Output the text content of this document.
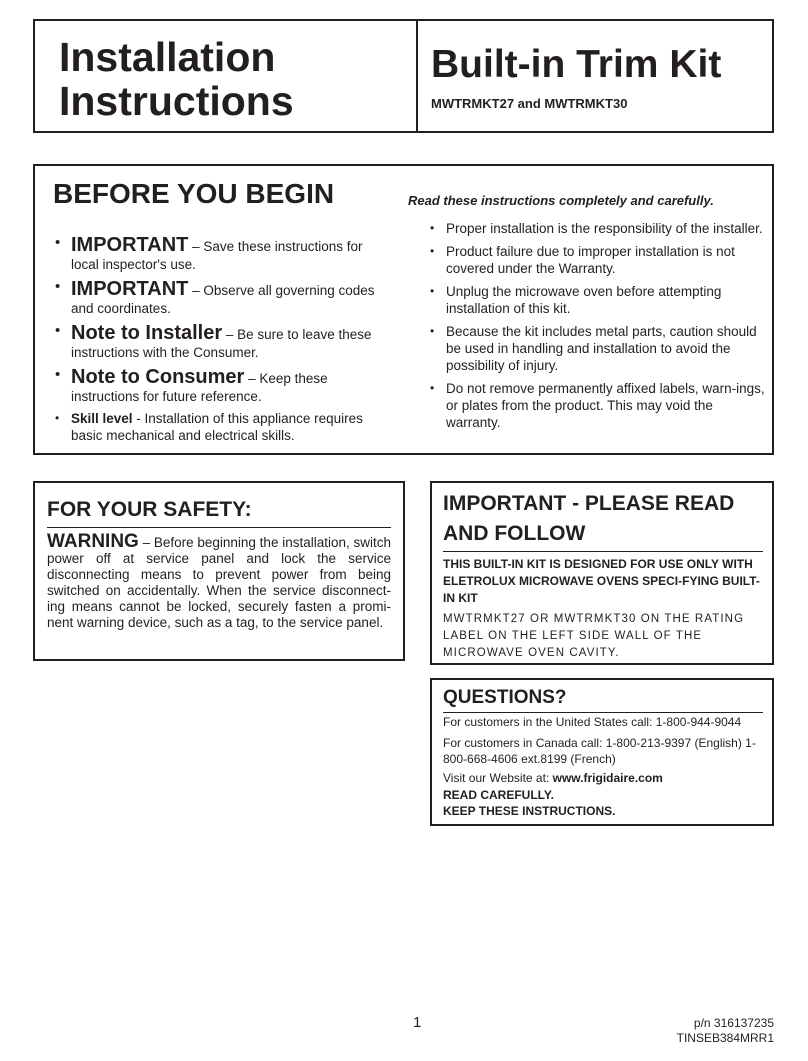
Installation
Instructions
Built-in Trim Kit
MWTRMKT27 and MWTRMKT30
BEFORE YOU BEGIN	Read these instructions completely and carefully.
• IMPORTANT – Save these instructions for local inspector's use.
• IMPORTANT – Observe all governing codes and coordinates.
• Note to Installer – Be sure to leave these instructions with the Consumer.
• Note to Consumer – Keep these instructions for future reference.
• Skill level - Installation of this appliance requires basic mechanical and electrical skills.
• Proper installation is the responsibility of the installer.
• Product failure due to improper installation is not covered under the Warranty.
• Unplug the microwave oven before attempting installation of this kit.
• Because the kit includes metal parts, caution should be used in handling and installation to avoid the possibility of injury.
• Do not remove permanently affixed labels, warn-ings, or plates from the product. This may void the warranty.
FOR YOUR SAFETY:

WARNING – Before beginning the installation, switch power off at service panel and lock the service disconnecting means to prevent power from being switched on accidentally. When the service disconnect-ing means cannot be locked, securely fasten a promi-nent warning device, such as a tag, to the service panel.

IMPORTANT - PLEASE READ AND FOLLOW

THIS BUILT-IN KIT IS DESIGNED FOR USE ONLY WITH ELETROLUX MICROWAVE OVENS SPECI-FYING BUILT-IN KIT

MWTRMKT27 OR MWTRMKT30 ON THE RATING LABEL ON THE LEFT SIDE WALL OF THE MICROWAVE OVEN CAVITY.

QUESTIONS?

For customers in the United States call: 1-800-944-9044

For customers in Canada call: 1-800-213-9397 (English) 1-800-668-4606 ext.8199 (French)

Visit our Website at: www.frigidaire.com

READ CAREFULLY.

KEEP THESE INSTRUCTIONS.

1	p/n 316137235
TINSEB384MRR1
